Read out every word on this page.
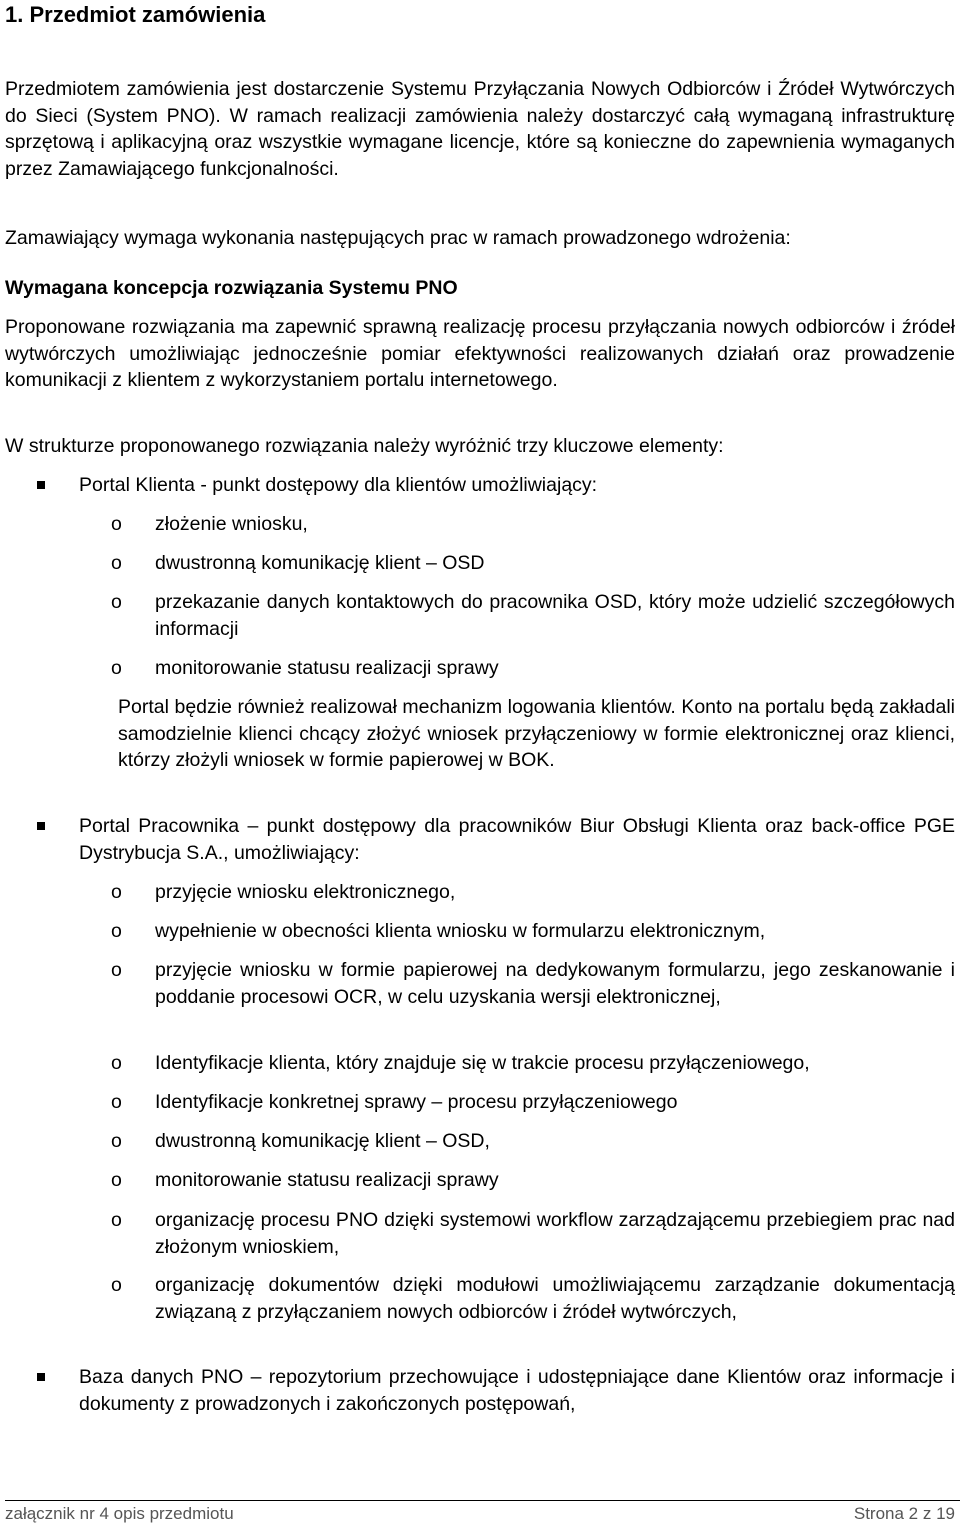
1. Przedmiot zamówienia

Przedmiotem zamówienia jest dostarczenie Systemu Przyłączania Nowych Odbiorców i Źródeł Wytwórczych do Sieci (System PNO). W ramach realizacji zamówienia należy dostarczyć całą wymaganą infrastrukturę sprzętową i aplikacyjną oraz wszystkie wymagane licencje, które są konieczne do zapewnienia wymaganych przez Zamawiającego funkcjonalności.

Zamawiający wymaga wykonania następujących prac w ramach prowadzonego wdrożenia:

Wymagana koncepcja rozwiązania Systemu PNO

Proponowane rozwiązania ma zapewnić sprawną realizację procesu przyłączania nowych odbiorców i źródeł wytwórczych umożliwiając jednocześnie pomiar efektywności realizowanych działań oraz prowadzenie komunikacji z klientem z wykorzystaniem portalu internetowego.

W strukturze proponowanego rozwiązania należy wyróżnić trzy kluczowe elementy:

Portal Klienta - punkt dostępowy dla klientów umożliwiający:

o złożenie wniosku,

o dwustronną komunikację klient – OSD

o przekazanie danych kontaktowych do pracownika OSD, który może udzielić szczegółowych informacji

o monitorowanie statusu realizacji sprawy

Portal będzie również realizował mechanizm logowania klientów. Konto na portalu będą zakładali samodzielnie klienci chcący złożyć wniosek przyłączeniowy w formie elektronicznej oraz klienci, którzy złożyli wniosek w formie papierowej w BOK.

Portal Pracownika – punkt dostępowy dla pracowników Biur Obsługi Klienta oraz back-office PGE Dystrybucja S.A., umożliwiający:

o przyjęcie wniosku elektronicznego,

o wypełnienie w obecności klienta wniosku w formularzu elektronicznym,

o przyjęcie wniosku w formie papierowej na dedykowanym formularzu, jego zeskanowanie i poddanie procesowi OCR, w celu uzyskania wersji elektronicznej,

o Identyfikacje klienta, który znajduje się w trakcie procesu przyłączeniowego,

o Identyfikacje konkretnej sprawy – procesu przyłączeniowego

o dwustronną komunikację klient – OSD,

o monitorowanie statusu realizacji sprawy

o organizację procesu PNO dzięki systemowi workflow zarządzającemu przebiegiem prac nad złożonym wnioskiem,

o organizację dokumentów dzięki modułowi umożliwiającemu zarządzanie dokumentacją związaną z przyłączaniem nowych odbiorców i źródeł wytwórczych,

Baza danych PNO – repozytorium przechowujące i udostępniające dane Klientów oraz informacje i dokumenty z prowadzonych i zakończonych postępowań,

załącznik nr 4 opis przedmiotu	Strona 2 z 19
